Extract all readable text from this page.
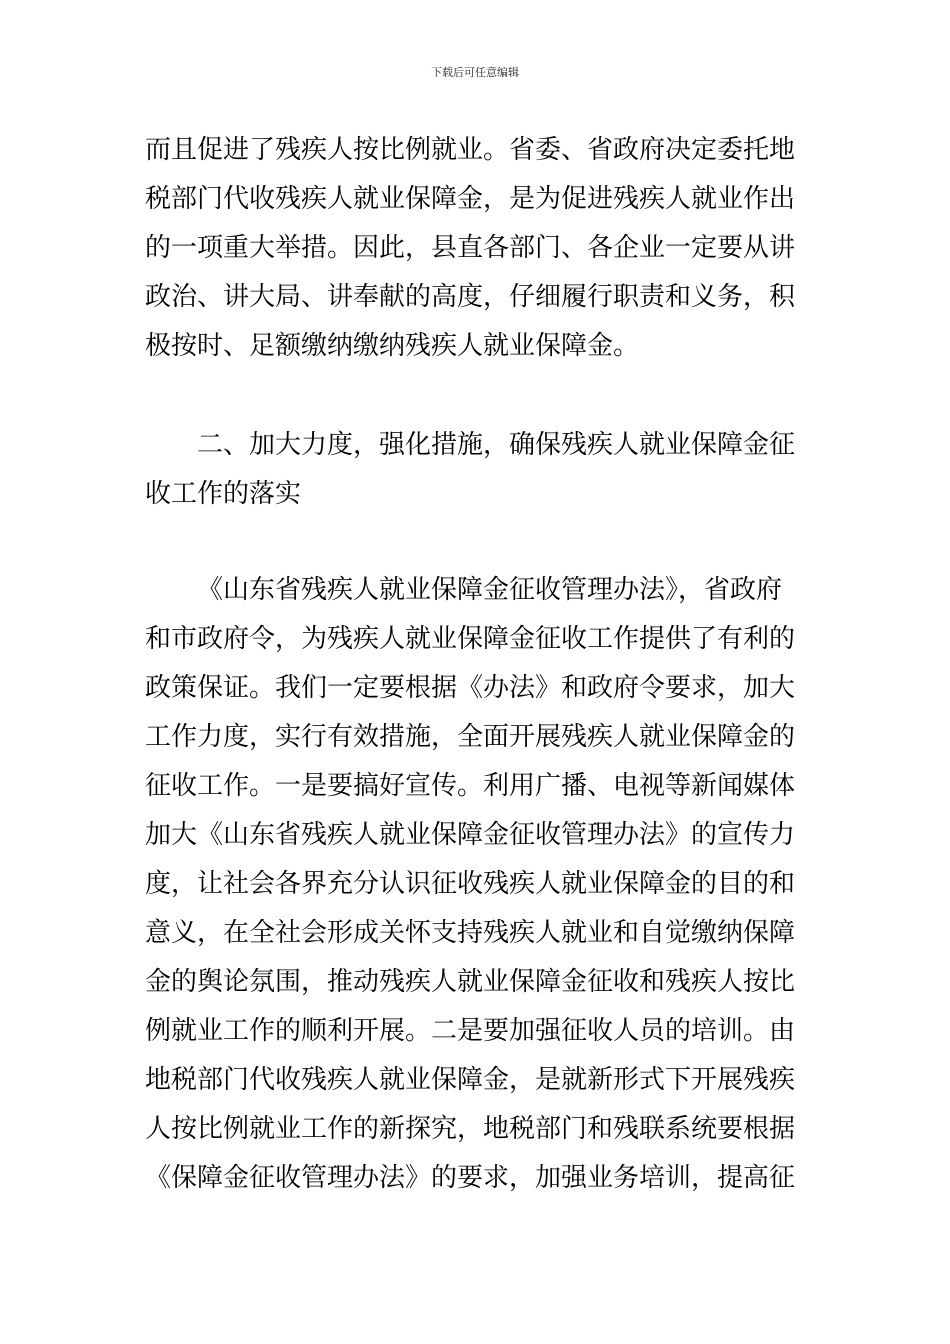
下载后可任意编辑
而且促进了残疾人按比例就业。省委、省政府决定委托地
税部门代收残疾人就业保障金，是为促进残疾人就业作出
的一项重大举措。因此，县直各部门、各企业一定要从讲
政治、讲大局、讲奉献的高度，仔细履行职责和义务，积
极按时、足额缴纳缴纳残疾人就业保障金。
二、加大力度，强化措施，确保残疾人就业保障金征
收工作的落实
《山东省残疾人就业保障金征收管理办法》，省政府
和市政府令，为残疾人就业保障金征收工作提供了有利的
政策保证。我们一定要根据《办法》和政府令要求，加大
工作力度，实行有效措施，全面开展残疾人就业保障金的
征收工作。一是要搞好宣传。利用广播、电视等新闻媒体
加大《山东省残疾人就业保障金征收管理办法》的宣传力
度，让社会各界充分认识征收残疾人就业保障金的目的和
意义，在全社会形成关怀支持残疾人就业和自觉缴纳保障
金的舆论氛围，推动残疾人就业保障金征收和残疾人按比
例就业工作的顺利开展。二是要加强征收人员的培训。由
地税部门代收残疾人就业保障金，是就新形式下开展残疾
人按比例就业工作的新探究，地税部门和残联系统要根据
《保障金征收管理办法》的要求，加强业务培训，提高征
